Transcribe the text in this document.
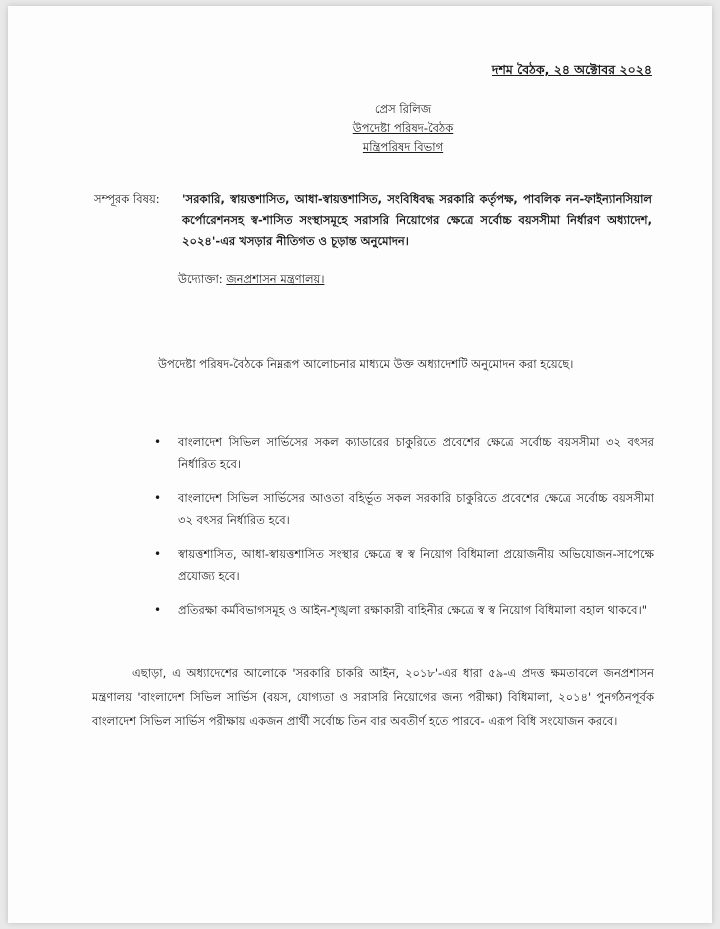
দশম বৈঠক, ২৪ অক্টোবর ২০২৪
প্রেস রিলিজ
উপদেষ্টা পরিষদ-বৈঠক
মন্ত্রিপরিষদ বিভাগ
সম্পূরক বিষয়: 'সরকারি, স্বায়ত্তশাসিত, আধা-স্বায়ত্তশাসিত, সংবিধিবদ্ধ সরকারি কর্তৃপক্ষ, পাবলিক নন-ফাইন্যানসিয়াল কর্পোরেশনসহ স্ব-শাসিত সংস্থাসমূহে সরাসরি নিয়োগের ক্ষেত্রে সর্বোচ্চ বয়সসীমা নির্ধারণ অধ্যাদেশ, ২০২৪'-এর খসড়ার নীতিগত ও চূড়ান্ত অনুমোদন।
উদ্যোক্তা: জনপ্রশাসন মন্ত্রণালয়।
উপদেষ্টা পরিষদ-বৈঠকে নিম্নরূপ আলোচনার মাধ্যমে উক্ত অধ্যাদেশটি অনুমোদন করা হয়েছে।
• বাংলাদেশ সিভিল সার্ভিসের সকল ক্যাডারের চাকুরিতে প্রবেশের ক্ষেত্রে সর্বোচ্চ বয়সসীমা ৩২ বৎসর নির্ধারিত হবে।
• বাংলাদেশ সিভিল সার্ভিসের আওতা বহির্ভূত সকল সরকারি চাকুরিতে প্রবেশের ক্ষেত্রে সর্বোচ্চ বয়সসীমা ৩২ বৎসর নির্ধারিত হবে।
• স্বায়ত্তশাসিত, আধা-স্বায়ত্তশাসিত সংস্থার ক্ষেত্রে স্ব স্ব নিয়োগ বিধিমালা প্রয়োজনীয় অভিযোজন-সাপেক্ষে প্রযোজ্য হবে।
• প্রতিরক্ষা কর্মবিভাগসমূহ ও আইন-শৃঙ্খলা রক্ষাকারী বাহিনীর ক্ষেত্রে স্ব স্ব নিয়োগ বিধিমালা বহাল থাকবে।"
এছাড়া, এ অধ্যাদেশের আলোকে 'সরকারি চাকরি আইন, ২০১৮'-এর ধারা ৫৯-এ প্রদত্ত ক্ষমতাবলে জনপ্রশাসন মন্ত্রণালয় 'বাংলাদেশ সিভিল সার্ভিস (বয়স, যোগ্যতা ও সরাসরি নিয়োগের জন্য পরীক্ষা) বিধিমালা, ২০১৪' পুনর্গঠনপূর্বক বাংলাদেশ সিভিল সার্ভিস পরীক্ষায় একজন প্রার্থী সর্বোচ্চ তিন বার অবতীর্ণ হতে পারবে- এরূপ বিধি সংযোজন করবে।
